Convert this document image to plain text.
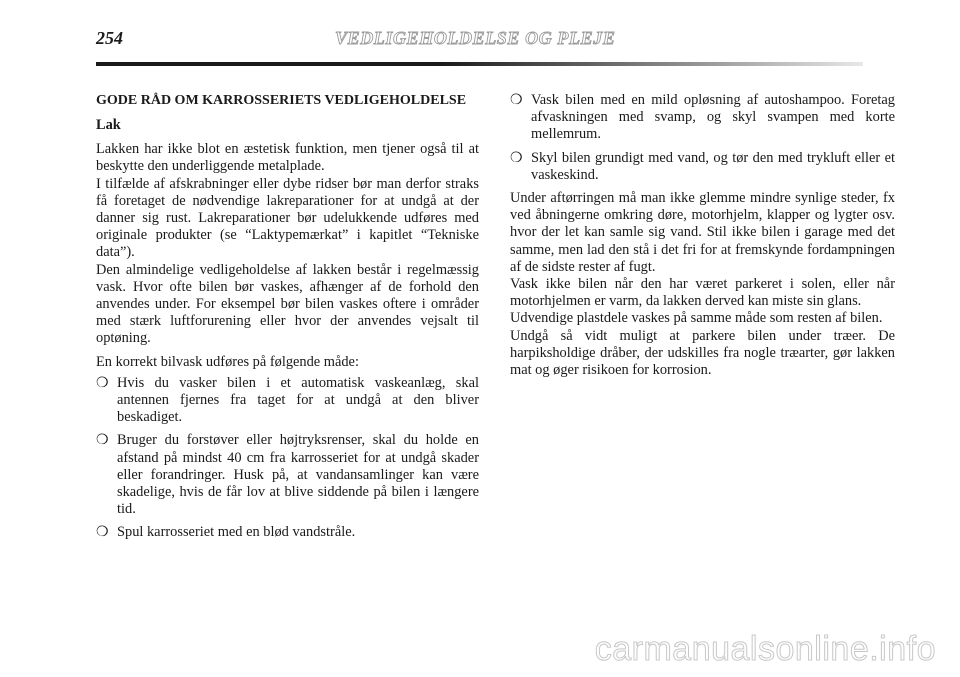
254	VEDLIGEHOLDELSE OG PLEJE

GODE RÅD OM KARROSSERIETS VEDLIGEHOLDELSE

Lak

Lakken har ikke blot en æstetisk funktion, men tjener også til at beskytte den underliggende metalplade.

I tilfælde af afskrabninger eller dybe ridser bør man derfor straks få foretaget de nødvendige lakreparationer for at undgå at der danner sig rust. Lakreparationer bør udelukkende udføres med originale produkter (se “Laktypemærkat” i kapitlet “Tekniske data”).

Den almindelige vedligeholdelse af lakken består i regelmæssig vask. Hvor ofte bilen bør vaskes, afhænger af de forhold den anvendes under. For eksempel bør bilen vaskes oftere i områder med stærk luftforurening eller hvor der anvendes vejsalt til optøning.

En korrekt bilvask udføres på følgende måde:

❍ Hvis du vasker bilen i et automatisk vaskeanlæg, skal antennen fjernes fra taget for at undgå at den bliver beskadiget.
❍ Bruger du forstøver eller højtryksrenser, skal du holde en afstand på mindst 40 cm fra karrosseriet for at undgå skader eller forandringer. Husk på, at vandansamlinger kan være skadelige, hvis de får lov at blive siddende på bilen i længere tid.
❍ Spul karrosseriet med en blød vandstråle.
❍ Vask bilen med en mild opløsning af autoshampoo. Foretag afvaskningen med svamp, og skyl svampen med korte mellemrum.
❍ Skyl bilen grundigt med vand, og tør den med trykluft eller et vaskeskind.

Under aftørringen må man ikke glemme mindre synlige steder, fx ved åbningerne omkring døre, motorhjelm, klapper og lygter osv. hvor der let kan samle sig vand. Stil ikke bilen i garage med det samme, men lad den stå i det fri for at fremskynde fordampningen af de sidste rester af fugt.

Vask ikke bilen når den har været parkeret i solen, eller når motorhjelmen er varm, da lakken derved kan miste sin glans.

Udvendige plastdele vaskes på samme måde som resten af bilen.

Undgå så vidt muligt at parkere bilen under træer. De harpiksholdige dråber, der udskilles fra nogle træarter, gør lakken mat og øger risikoen for korrosion.

carmanualsonline.info
